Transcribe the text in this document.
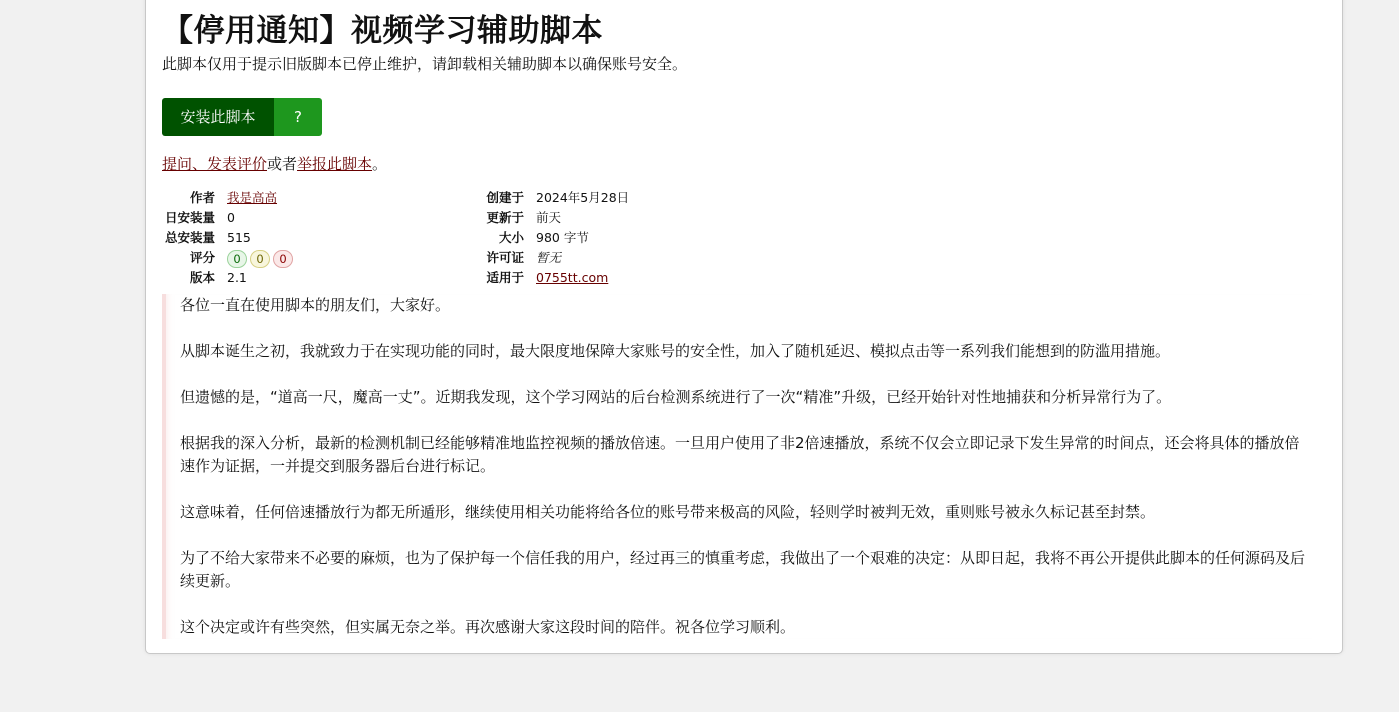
【停用通知】视频学习辅助脚本
此脚本仅用于提示旧版脚本已停止维护，请卸载相关辅助脚本以确保账号安全。
安装此脚本	?
提问、发表评价或者举报此脚本。
作者 我是高高
日安装量 0
总安装量 515
评分	0 0 0
版本 2.1
创建于 2024年5月28日
更新于 前天
大小 980 字节
许可证 暂无
适用于 0755tt.com

各位一直在使用脚本的朋友们，大家好。

从脚本诞生之初，我就致力于在实现功能的同时，最大限度地保障大家账号的安全性，加入了随机延迟、模拟点击等一系列我们能想到的防滥用措施。

但遗憾的是，“道高一尺，魔高一丈”。近期我发现，这个学习网站的后台检测系统进行了一次“精准”升级，已经开始针对性地捕获和分析异常行为了。

根据我的深入分析，最新的检测机制已经能够精准地监控视频的播放倍速。一旦用户使用了非2倍速播放，系统不仅会立即记录下发生异常的时间点，还会将具体的播放倍速作为证据，一并提交到服务器后台进行标记。

这意味着，任何倍速播放行为都无所遁形，继续使用相关功能将给各位的账号带来极高的风险，轻则学时被判无效，重则账号被永久标记甚至封禁。

为了不给大家带来不必要的麻烦，也为了保护每一个信任我的用户，经过再三的慎重考虑，我做出了一个艰难的决定：从即日起，我将不再公开提供此脚本的任何源码及后续更新。

这个决定或许有些突然，但实属无奈之举。再次感谢大家这段时间的陪伴。祝各位学习顺利。
